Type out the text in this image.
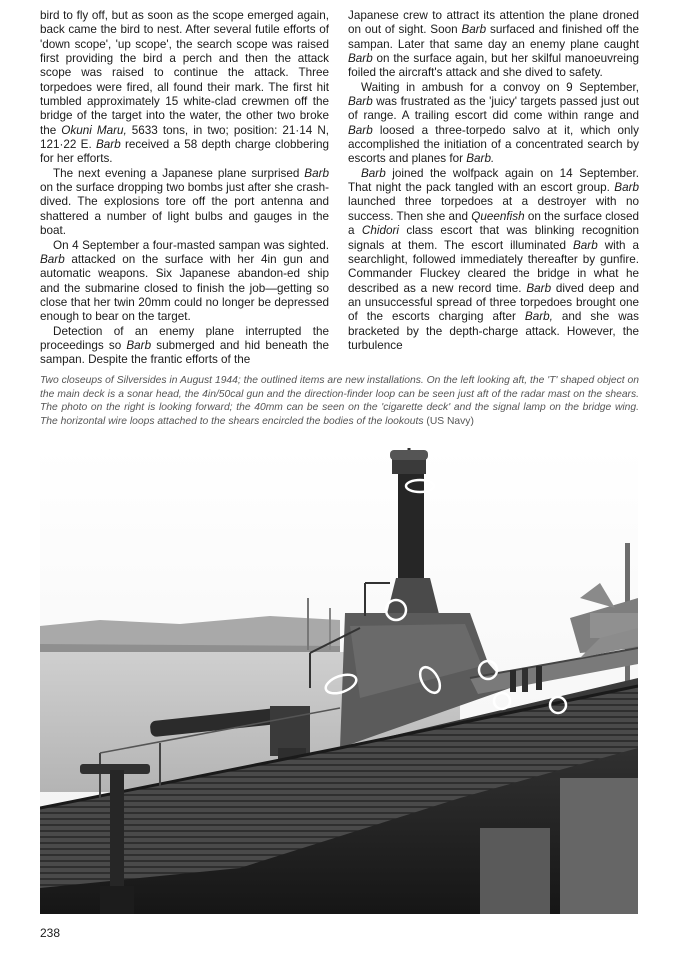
bird to fly off, but as soon as the scope emerged again, back came the bird to nest. After several futile efforts of 'down scope', 'up scope', the search scope was raised first providing the bird a perch and then the attack scope was raised to continue the attack. Three torpedoes were fired, all found their mark. The first hit tumbled approximately 15 white-clad crewmen off the bridge of the target into the water, the other two broke the Okuni Maru, 5633 tons, in two; position: 21·14 N, 121·22 E. Barb received a 58 depth charge clobbering for her efforts.

The next evening a Japanese plane surprised Barb on the surface dropping two bombs just after she crash-dived. The explosions tore off the port antenna and shattered a number of light bulbs and gauges in the boat.

On 4 September a four-masted sampan was sighted. Barb attacked on the surface with her 4in gun and automatic weapons. Six Japanese abandon-ed ship and the submarine closed to finish the job—getting so close that her twin 20mm could no longer be depressed enough to bear on the target.

Detection of an enemy plane interrupted the proceedings so Barb submerged and hid beneath the sampan. Despite the frantic efforts of the

Japanese crew to attract its attention the plane droned on out of sight. Soon Barb surfaced and finished off the sampan. Later that same day an enemy plane caught Barb on the surface again, but her skilful manoeuvreing foiled the aircraft's attack and she dived to safety.

Waiting in ambush for a convoy on 9 September, Barb was frustrated as the 'juicy' targets passed just out of range. A trailing escort did come within range and Barb loosed a three-torpedo salvo at it, which only accomplished the initiation of a concentrated search by escorts and planes for Barb.

Barb joined the wolfpack again on 14 September. That night the pack tangled with an escort group. Barb launched three torpedoes at a destroyer with no success. Then she and Queenfish on the surface closed a Chidori class escort that was blinking recognition signals at them. The escort illuminated Barb with a searchlight, followed immediately thereafter by gunfire. Commander Fluckey cleared the bridge in what he described as a new record time. Barb dived deep and an unsuccessful spread of three torpedoes brought one of the escorts charging after Barb, and she was bracketed by the depth-charge attack. However, the turbulence

Two closeups of Silversides in August 1944; the outlined items are new installations. On the left looking aft, the 'T' shaped object on the main deck is a sonar head, the 4in/50cal gun and the direction-finder loop can be seen just aft of the radar mast on the shears. The photo on the right is looking forward; the 40mm can be seen on the 'cigarette deck' and the signal lamp on the bridge wing. The horizontal wire loops attached to the shears encircled the bodies of the lookouts (US Navy)
238
